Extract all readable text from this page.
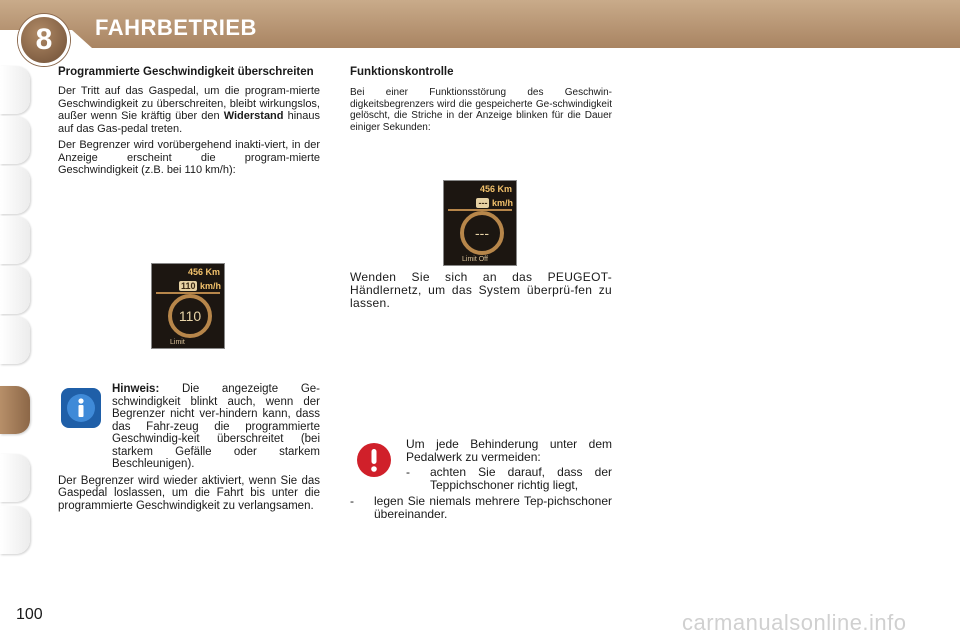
8 FAHRBETRIEB
Programmierte Geschwindigkeit überschreiten

Der Tritt auf das Gaspedal, um die program-mierte Geschwindigkeit zu überschreiten, bleibt wirkungslos, außer wenn Sie kräftig über den Widerstand hinaus auf das Gas-pedal treten.

Der Begrenzer wird vorübergehend inakti-viert, in der Anzeige erscheint die program-mierte Geschwindigkeit (z.B. bei 110 km/h):

456 Km
110 km/h
110
Limit

Hinweis: Die angezeigte Ge-schwindigkeit blinkt auch, wenn der Begrenzer nicht ver-hindern kann, dass das Fahr-zeug die programmierte Geschwindig-keit überschreitet (bei starkem Gefälle oder starkem Beschleunigen).

Der Begrenzer wird wieder aktiviert, wenn Sie das Gaspedal loslassen, um die Fahrt bis unter die programmierte Geschwindigkeit zu verlangsamen.

Funktionskontrolle

Bei einer Funktionsstörung des Geschwin-digkeitsbegrenzers wird die gespeicherte Ge-schwindigkeit gelöscht, die Striche in der Anzeige blinken für die Dauer einiger Sekunden:

456 Km
--- km/h
---
Limit Off

Wenden Sie sich an das PEUGEOT-Händlernetz, um das System überprü-fen zu lassen.

Um jede Behinderung unter dem Pedalwerk zu vermeiden:

-	achten Sie darauf, dass der Teppichschoner richtig liegt,
-	legen Sie niemals mehrere Tep-pichschoner übereinander.
100	carmanualsonline.info
